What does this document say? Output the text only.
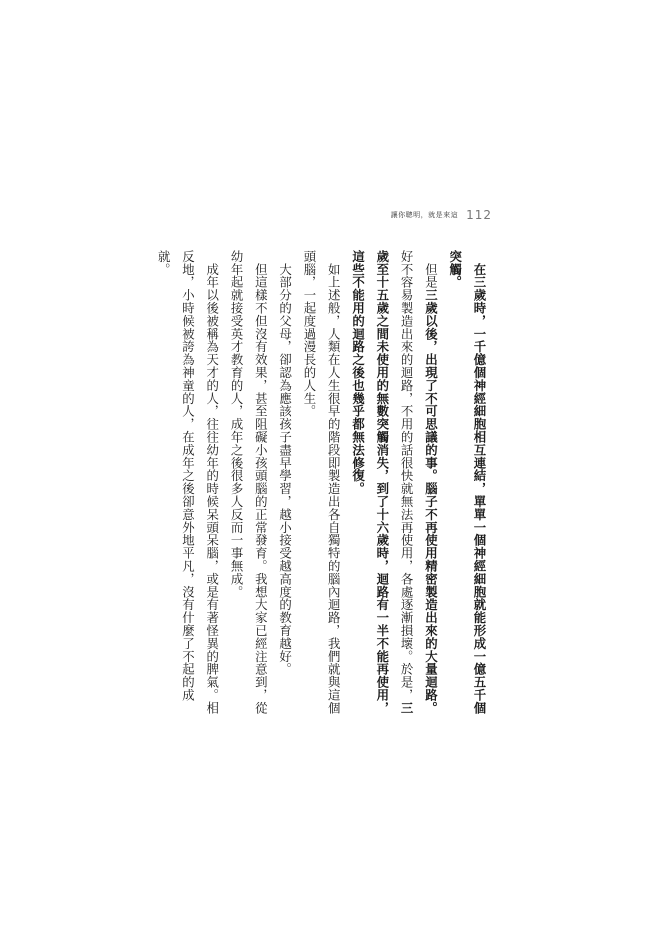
讓你聰明，就是來這 112

　在三歲時，一千億個神經細胞相互連結，單單一個神經細胞就能形成一億五千個突觸。

　但是三歲以後，出現了不可思議的事。腦子不再使用精密製造出來的大量迴路。好不容易製造出來的迴路，不用的話很快就無法再使用，各處逐漸損壞。於是，三歲至十五歲之間未使用的無數突觸消失，到了十六歲時，迴路有一半不能再使用，這些不能用的迴路之後也幾乎都無法修復。

　如上述般，人類在人生很早的階段即製造出各自獨特的腦內迴路，我們就與這個頭腦，一起度過漫長的人生。

　大部分的父母，卻認為應該孩子盡早學習，越小接受越高度的教育越好。

　但這樣不但沒有效果，甚至阻礙小孩頭腦的正常發育。我想大家已經注意到，從幼年起就接受英才教育的人，成年之後很多人反而一事無成。

　成年以後被稱為天才的人，往往幼年的時候呆頭呆腦，或是有著怪異的脾氣。相反地，小時候被誇為神童的人，在成年之後卻意外地平凡，沒有什麼了不起的成就。
